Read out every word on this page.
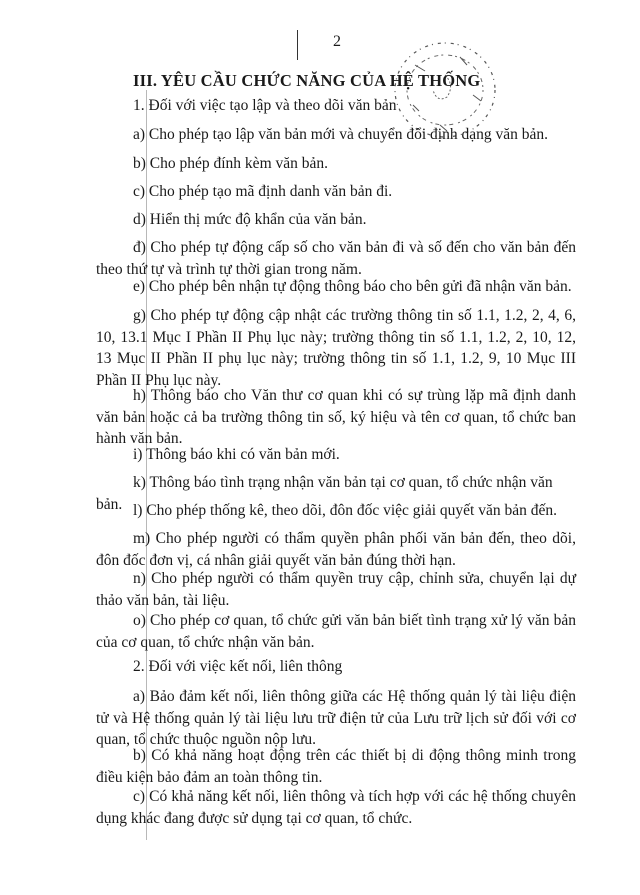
2
III. YÊU CẦU CHỨC NĂNG CỦA HỆ THỐNG
1. Đối với việc tạo lập và theo dõi văn bản
a) Cho phép tạo lập văn bản mới và chuyển đổi định dạng văn bản.
b) Cho phép đính kèm văn bản.
c) Cho phép tạo mã định danh văn bản đi.
d) Hiển thị mức độ khẩn của văn bản.
đ) Cho phép tự động cấp số cho văn bản đi và số đến cho văn bản đến theo thứ tự và trình tự thời gian trong năm.
e) Cho phép bên nhận tự động thông báo cho bên gửi đã nhận văn bản.
g) Cho phép tự động cập nhật các trường thông tin số 1.1, 1.2, 2, 4, 6, 10, 13.1 Mục I Phần II Phụ lục này; trường thông tin số 1.1, 1.2, 2, 10, 12, 13 Mục II Phần II phụ lục này; trường thông tin số 1.1, 1.2, 9, 10 Mục III Phần II Phụ lục này.
h) Thông báo cho Văn thư cơ quan khi có sự trùng lặp mã định danh văn bản hoặc cả ba trường thông tin số, ký hiệu và tên cơ quan, tổ chức ban hành văn bản.
i) Thông báo khi có văn bản mới.
k) Thông báo tình trạng nhận văn bản tại cơ quan, tổ chức nhận văn bản. l) Cho phép thống kê, theo dõi, đôn đốc việc giải quyết văn bản đến.
m) Cho phép người có thẩm quyền phân phối văn bản đến, theo dõi, đôn đốc đơn vị, cá nhân giải quyết văn bản đúng thời hạn.
n) Cho phép người có thẩm quyền truy cập, chỉnh sửa, chuyển lại dự thảo văn bản, tài liệu.
o) Cho phép cơ quan, tổ chức gửi văn bản biết tình trạng xử lý văn bản của cơ quan, tổ chức nhận văn bản.
2. Đối với việc kết nối, liên thông
a) Bảo đảm kết nối, liên thông giữa các Hệ thống quản lý tài liệu điện tử và Hệ thống quản lý tài liệu lưu trữ điện tử của Lưu trữ lịch sử đối với cơ quan, tổ chức thuộc nguồn nộp lưu.
b) Có khả năng hoạt động trên các thiết bị di động thông minh trong điều kiện bảo đảm an toàn thông tin.
c) Có khả năng kết nối, liên thông và tích hợp với các hệ thống chuyên dụng khác đang được sử dụng tại cơ quan, tổ chức.
